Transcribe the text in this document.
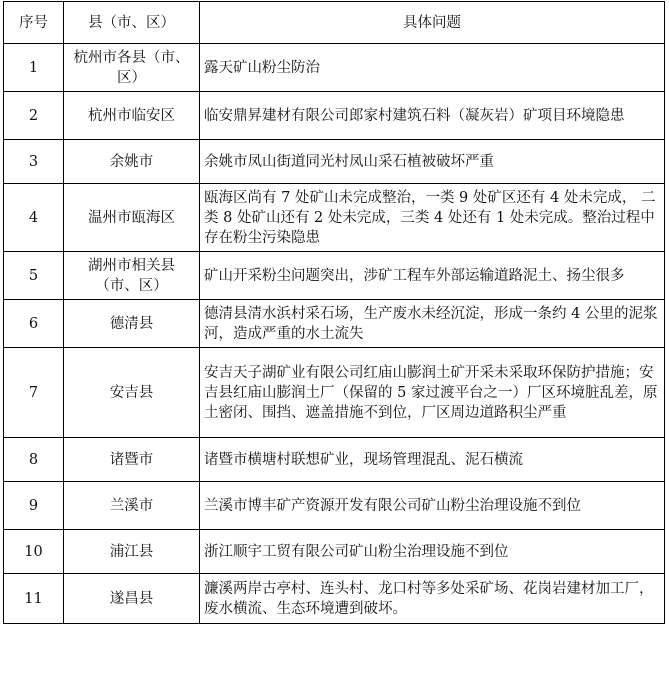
序号	县（市、区）	具体问题
1	杭州市各县（市、区）	露天矿山粉尘防治
2	杭州市临安区	临安鼎昇建材有限公司郎家村建筑石料（凝灰岩）矿项目环境隐患
3	余姚市	余姚市凤山街道同光村凤山采石植被破坏严重
4	温州市瓯海区	瓯海区尚有 7 处矿山未完成整治，一类 9 处矿区还有 4 处未完成， 二类 8 处矿山还有 2 处未完成，三类 4 处还有 1 处未完成。整治过程中存在粉尘污染隐患
5	湖州市相关县（市、区）	矿山开采粉尘问题突出，涉矿工程车外部运输道路泥土、扬尘很多
6	德清县	德清县清水浜村采石场，生产废水未经沉淀，形成一条约 4 公里的泥浆河，造成严重的水土流失
7	安吉县	安吉天子湖矿业有限公司红庙山膨润土矿开采未采取环保防护措施；安吉县红庙山膨润土厂（保留的 5 家过渡平台之一）厂区环境脏乱差，原土密闭、围挡、遮盖措施不到位，厂区周边道路积尘严重
8	诸暨市	诸暨市横塘村联想矿业，现场管理混乱、泥石横流
9	兰溪市	兰溪市博丰矿产资源开发有限公司矿山粉尘治理设施不到位
10	浦江县	浙江顺宇工贸有限公司矿山粉尘治理设施不到位
11	遂昌县	濂溪两岸古亭村、连头村、龙口村等多处采矿场、花岗岩建材加工厂，废水横流、生态环境遭到破坏。
